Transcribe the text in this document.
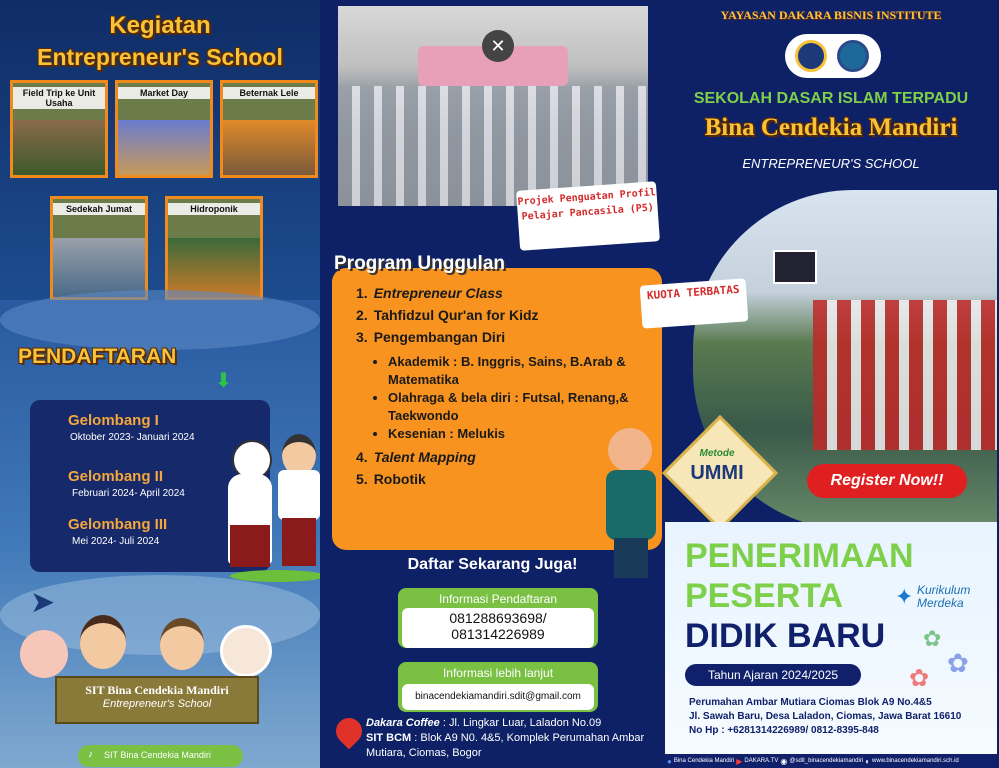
Kegiatan
Entrepreneur's School
Field Trip ke Unit Usaha
Market Day	Beternak Lele
Sedekah Jumat	Hidroponik
PENDAFTARAN
⬇
Gelombang I
Oktober 2023- Januari 2024
Gelombang II
Februari 2024- April 2024
Gelombang III
Mei 2024- Juli 2024
➤
SIT Bina Cendekia Mandiri
Entrepreneur's School
♪ SIT Bina Cendekia Mandiri
✕
Projek Penguatan Profil Pelajar Pancasila (P5)
Program Unggulan
1. Entrepreneur Class
2. Tahfidzul Qur'an for Kidz
3. Pengembangan Diri
• Akademik : B. Inggris, Sains, B.Arab & Matematika
• Olahraga & bela diri : Futsal, Renang,& Taekwondo
• Kesenian : Melukis
4. Talent Mapping
5. Robotik
Daftar Sekarang Juga!
Informasi Pendaftaran
081288693698/
081314226989
Informasi lebih lanjut
binacendekiamandiri.sdit@gmail.com
Dakara Coffee : Jl. Lingkar Luar, Laladon No.09
SIT BCM : Blok A9 N0. 4&5, Komplek Perumahan Ambar Mutiara, Ciomas, Bogor
YAYASAN DAKARA BISNIS INSTITUTE
SEKOLAH DASAR ISLAM TERPADU
Bina Cendekia Mandiri
ENTREPRENEUR'S SCHOOL
KUOTA TERBATAS
Metode
UMMI	Register Now!!
PENERIMAAN
PESERTA
DIDIK BARU
✦ Kurikulum
Merdeka
✿
✿
✿
Tahun Ajaran 2024/2025
Perumahan Ambar Mutiara Ciomas Blok A9 No.4&5
Jl. Sawah Baru, Desa Laladon, Ciomas, Jawa Barat 16610
No Hp : +6281314226989/ 0812-8395-848
● Bina Cendekia Mandiri ▶ DAKARA.TV ◉ @sdit_binacendekiamandiri ◐ www.binacendekiamandiri.sch.id
